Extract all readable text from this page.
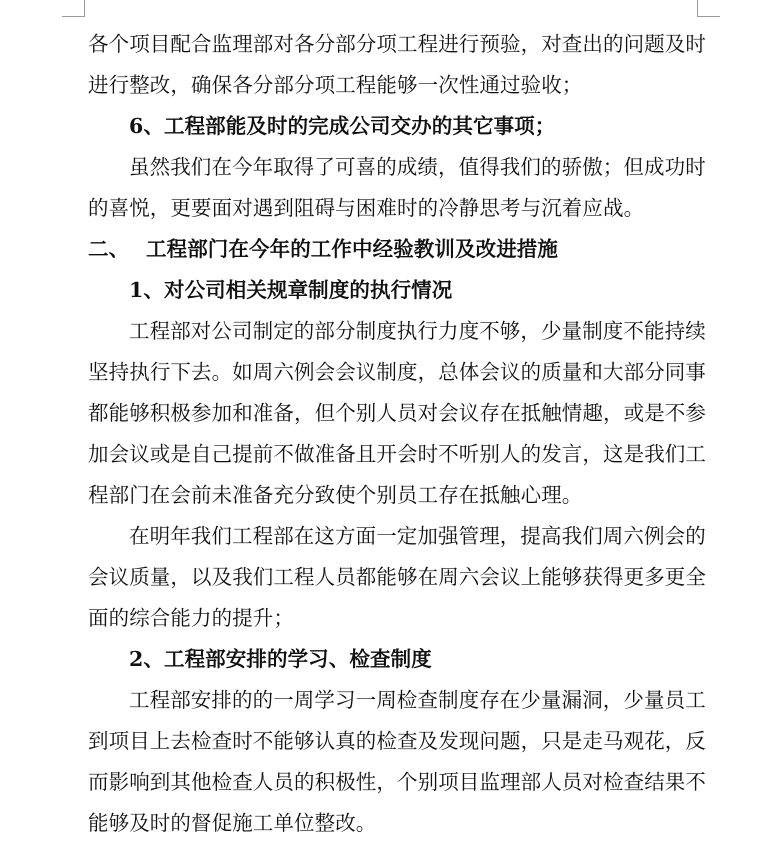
各个项目配合监理部对各分部分项工程进行预验，对查出的问题及时
进行整改，确保各分部分项工程能够一次性通过验收；
6、工程部能及时的完成公司交办的其它事项；
虽然我们在今年取得了可喜的成绩，值得我们的骄傲；但成功时
的喜悦，更要面对遇到阻碍与困难时的冷静思考与沉着应战。
二、 工程部门在今年的工作中经验教训及改进措施
1、对公司相关规章制度的执行情况
工程部对公司制定的部分制度执行力度不够，少量制度不能持续
坚持执行下去。如周六例会会议制度，总体会议的质量和大部分同事
都能够积极参加和准备，但个别人员对会议存在抵触情趣，或是不参
加会议或是自己提前不做准备且开会时不听别人的发言，这是我们工
程部门在会前未准备充分致使个别员工存在抵触心理。
在明年我们工程部在这方面一定加强管理，提高我们周六例会的
会议质量，以及我们工程人员都能够在周六会议上能够获得更多更全
面的综合能力的提升；
2、工程部安排的学习、检查制度
工程部安排的的一周学习一周检查制度存在少量漏洞，少量员工
到项目上去检查时不能够认真的检查及发现问题，只是走马观花，反
而影响到其他检查人员的积极性，个别项目监理部人员对检查结果不
能够及时的督促施工单位整改。
